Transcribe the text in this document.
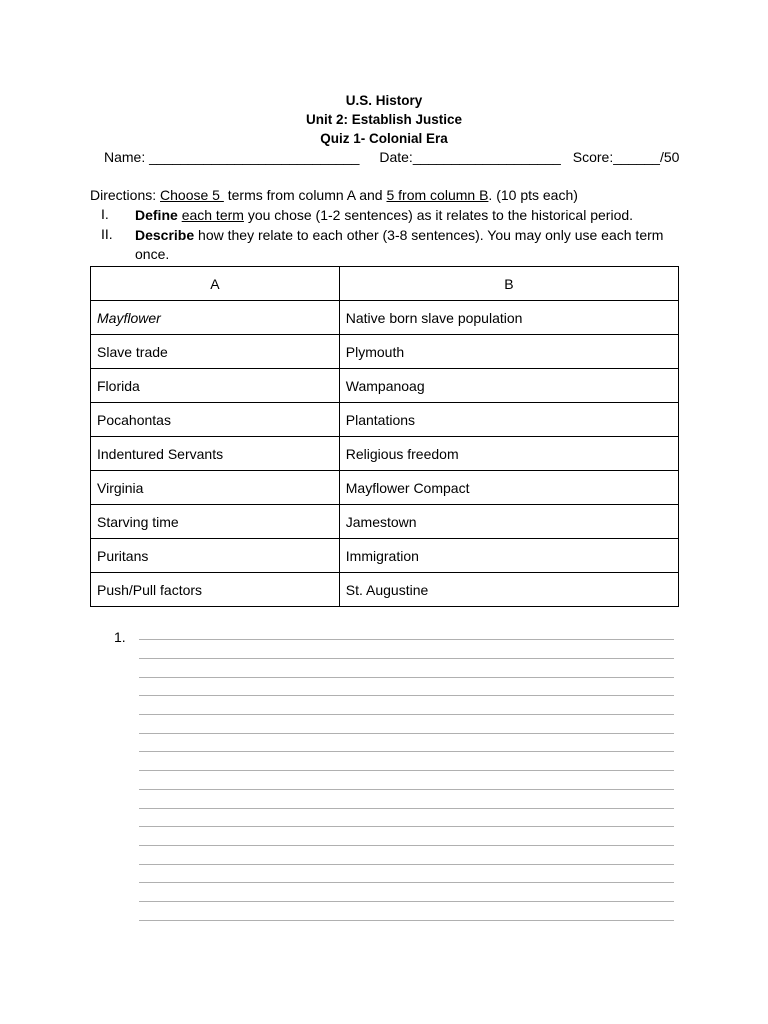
U.S. History
Unit 2: Establish Justice
Quiz 1- Colonial Era
Name: ___________________________ Date:___________________ Score:______/50
Directions: Choose 5  terms from column A and 5 from column B. (10 pts each)
I. Define each term you chose (1-2 sentences) as it relates to the historical period.
II. Describe how they relate to each other (3-8 sentences). You may only use each term once.
A	B
Mayflower	Native born slave population
Slave trade	Plymouth
Florida	Wampanoag
Pocahontas	Plantations
Indentured Servants	Religious freedom
Virginia	Mayflower Compact
Starving time	Jamestown
Puritans	Immigration
Push/Pull factors	St. Augustine
1.
